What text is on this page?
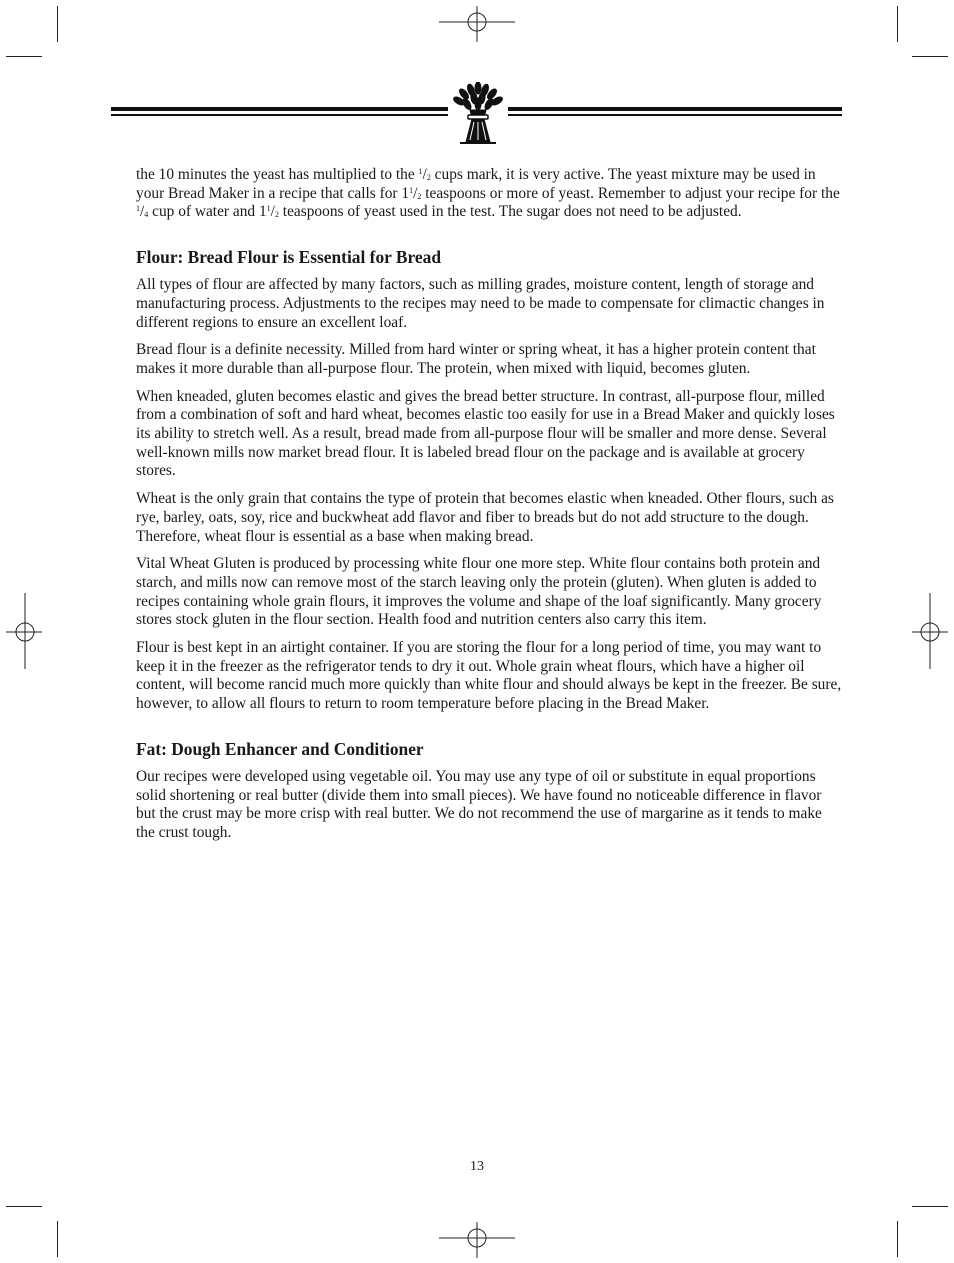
the 10 minutes the yeast has multiplied to the $^1/_2$ cups mark, it is very active. The yeast mixture may be used in your Bread Maker in a recipe that calls for $1^1/_2$ teaspoons or more of yeast. Remember to adjust your recipe for the $^1/_4$ cup of water and $1^1/_2$ teaspoons of yeast used in the test. The sugar does not need to be adjusted.

Flour: Bread Flour is Essential for Bread

All types of flour are affected by many factors, such as milling grades, moisture content, length of storage and manufacturing process. Adjustments to the recipes may need to be made to compensate for climactic changes in different regions to ensure an excellent loaf.

Bread flour is a definite necessity. Milled from hard winter or spring wheat, it has a higher protein content that makes it more durable than all-purpose flour. The protein, when mixed with liquid, becomes gluten.

When kneaded, gluten becomes elastic and gives the bread better structure. In contrast, all-purpose flour, milled from a combination of soft and hard wheat, becomes elastic too easily for use in a Bread Maker and quickly loses its ability to stretch well. As a result, bread made from all-purpose flour will be smaller and more dense. Several well-known mills now market bread flour. It is labeled bread flour on the package and is available at grocery stores.

Wheat is the only grain that contains the type of protein that becomes elastic when kneaded. Other flours, such as rye, barley, oats, soy, rice and buckwheat add flavor and fiber to breads but do not add structure to the dough. Therefore, wheat flour is essential as a base when making bread.

Vital Wheat Gluten is produced by processing white flour one more step. White flour contains both protein and starch, and mills now can remove most of the starch leaving only the protein (gluten). When gluten is added to recipes containing whole grain flours, it improves the volume and shape of the loaf significantly. Many grocery stores stock gluten in the flour section. Health food and nutrition centers also carry this item.

Flour is best kept in an airtight container. If you are storing the flour for a long period of time, you may want to keep it in the freezer as the refrigerator tends to dry it out. Whole grain wheat flours, which have a higher oil content, will become rancid much more quickly than white flour and should always be kept in the freezer. Be sure, however, to allow all flours to return to room temperature before placing in the Bread Maker.

Fat: Dough Enhancer and Conditioner

Our recipes were developed using vegetable oil. You may use any type of oil or substitute in equal proportions solid shortening or real butter (divide them into small pieces). We have found no noticeable difference in flavor but the crust may be more crisp with real butter. We do not recommend the use of margarine as it tends to make the crust tough.

13
